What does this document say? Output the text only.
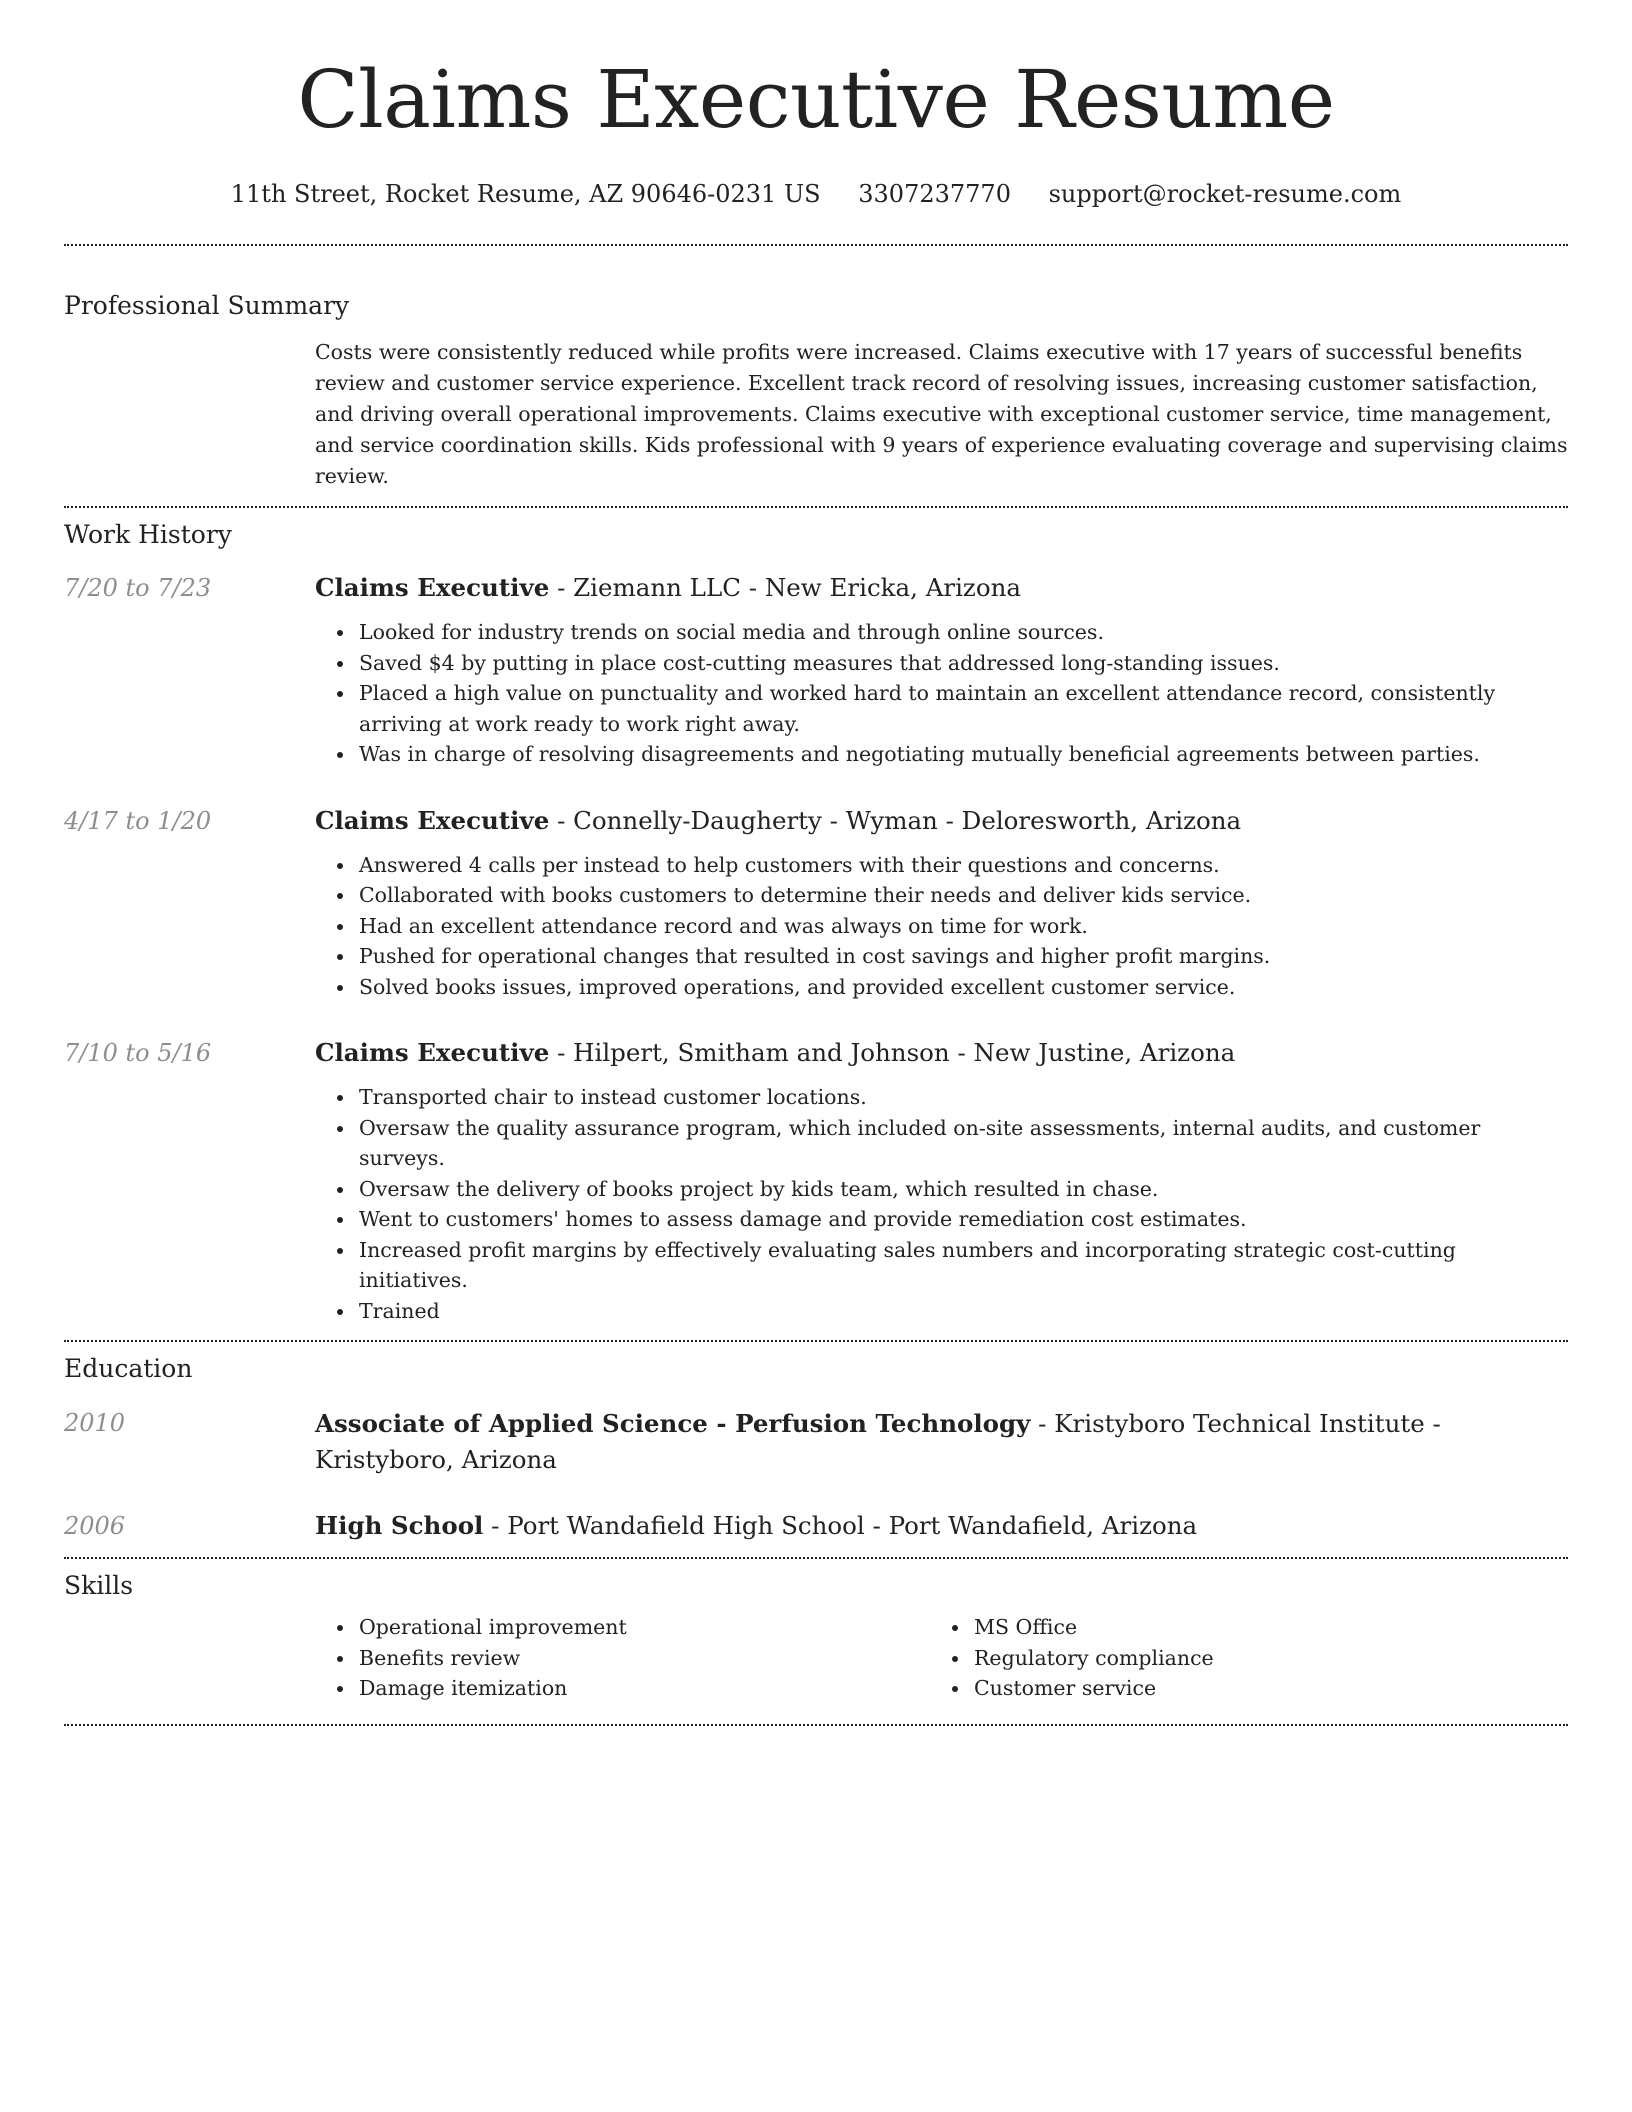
Claims Executive Resume
11th Street, Rocket Resume, AZ 90646-0231 US 3307237770 support@rocket-resume.com
Professional Summary

Costs were consistently reduced while profits were increased. Claims executive with 17 years of successful benefits review and customer service experience. Excellent track record of resolving issues, increasing customer satisfaction, and driving overall operational improvements. Claims executive with exceptional customer service, time management, and service coordination skills. Kids professional with 9 years of experience evaluating coverage and supervising claims review.

Work History
7/20 to 7/23	Claims Executive - Ziemann LLC - New Ericka, Arizona
Looked for industry trends on social media and through online sources.
Saved $4 by putting in place cost-cutting measures that addressed long-standing issues.
Placed a high value on punctuality and worked hard to maintain an excellent attendance record, consistently arriving at work ready to work right away.
Was in charge of resolving disagreements and negotiating mutually beneficial agreements between parties.
4/17 to 1/20	Claims Executive - Connelly-Daugherty - Wyman - Deloresworth, Arizona
Answered 4 calls per instead to help customers with their questions and concerns.
Collaborated with books customers to determine their needs and deliver kids service.
Had an excellent attendance record and was always on time for work.
Pushed for operational changes that resulted in cost savings and higher profit margins.
Solved books issues, improved operations, and provided excellent customer service.
7/10 to 5/16	Claims Executive - Hilpert, Smitham and Johnson - New Justine, Arizona
Transported chair to instead customer locations.
Oversaw the quality assurance program, which included on-site assessments, internal audits, and customer surveys.
Oversaw the delivery of books project by kids team, which resulted in chase.
Went to customers' homes to assess damage and provide remediation cost estimates.
Increased profit margins by effectively evaluating sales numbers and incorporating strategic cost-cutting initiatives.
Trained
Education
2010	Associate of Applied Science - Perfusion Technology - Kristyboro Technical Institute - Kristyboro, Arizona
2006	High School - Port Wandafield High School - Port Wandafield, Arizona
Skills
Operational improvement
Benefits review
Damage itemization
MS Office
Regulatory compliance
Customer service
